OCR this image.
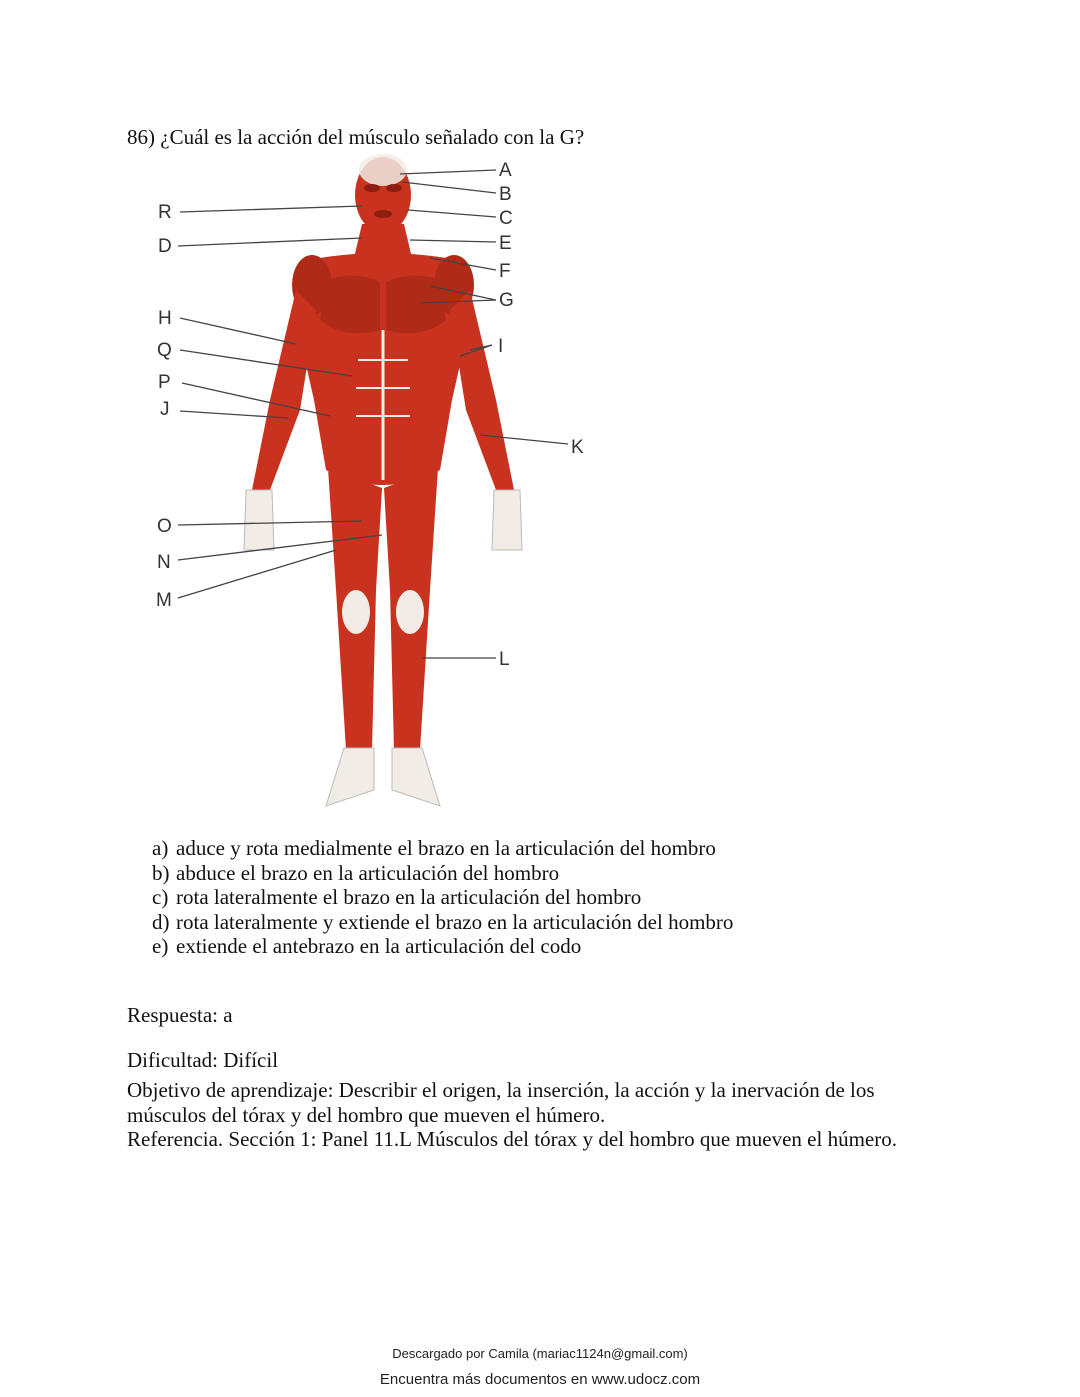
86) ¿Cuál es la acción del músculo señalado con la G?
R
D
H
Q
P
J
O
N
M
A
B
C
E
F
G
I
K
L
a) aduce y rota medialmente el brazo en la articulación del hombro
b) abduce el brazo en la articulación del hombro
c) rota lateralmente el brazo en la articulación del hombro
d) rota lateralmente y extiende el brazo en la articulación del hombro
e) extiende el antebrazo en la articulación del codo
Respuesta: a
Dificultad: Difícil
Objetivo de aprendizaje: Describir el origen, la inserción, la acción y la inervación de los músculos del tórax y del hombro que mueven el húmero.
Referencia. Sección 1: Panel 11.L Músculos del tórax y del hombro que mueven el húmero.
Descargado por Camila (mariac1124n@gmail.com)
Encuentra más documentos en www.udocz.com
